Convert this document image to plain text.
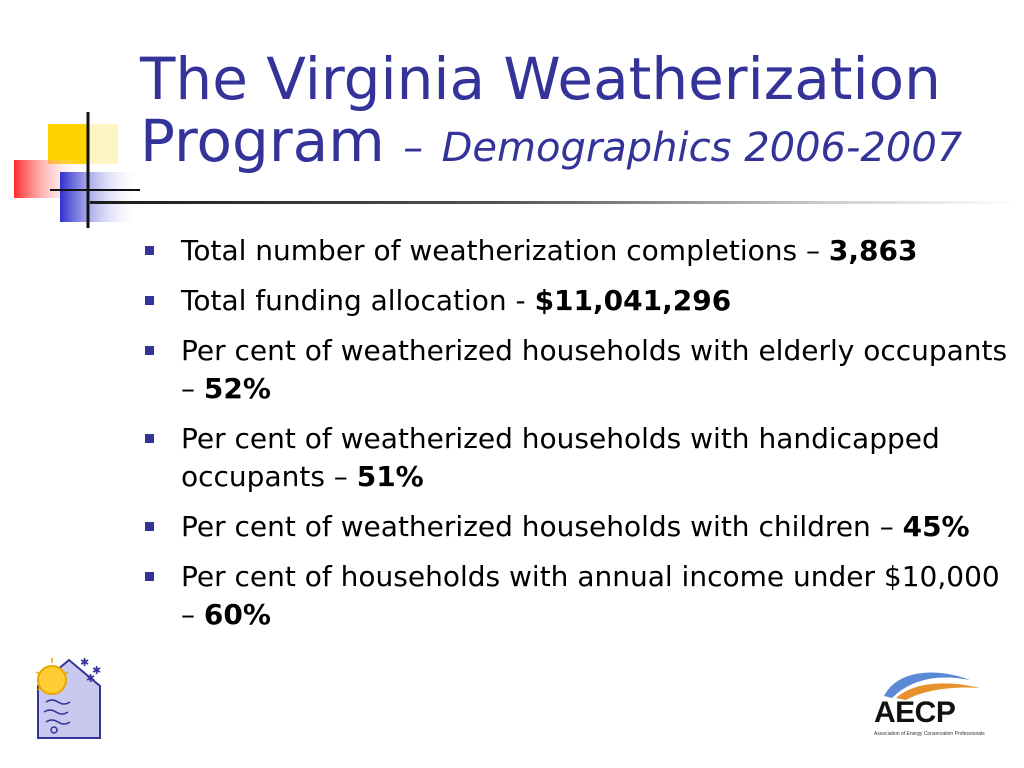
The Virginia Weatherization Program – Demographics 2006-2007
Total number of weatherization completions – 3,863
Total funding allocation - $11,041,296
Per cent of weatherized households with elderly occupants – 52%
Per cent of weatherized households with handicapped occupants – 51%
Per cent of weatherized households with children – 45%
Per cent of households with annual income under $10,000 – 60%
✱
✱
✱
AECP
Association of Energy Conservation Professionals
